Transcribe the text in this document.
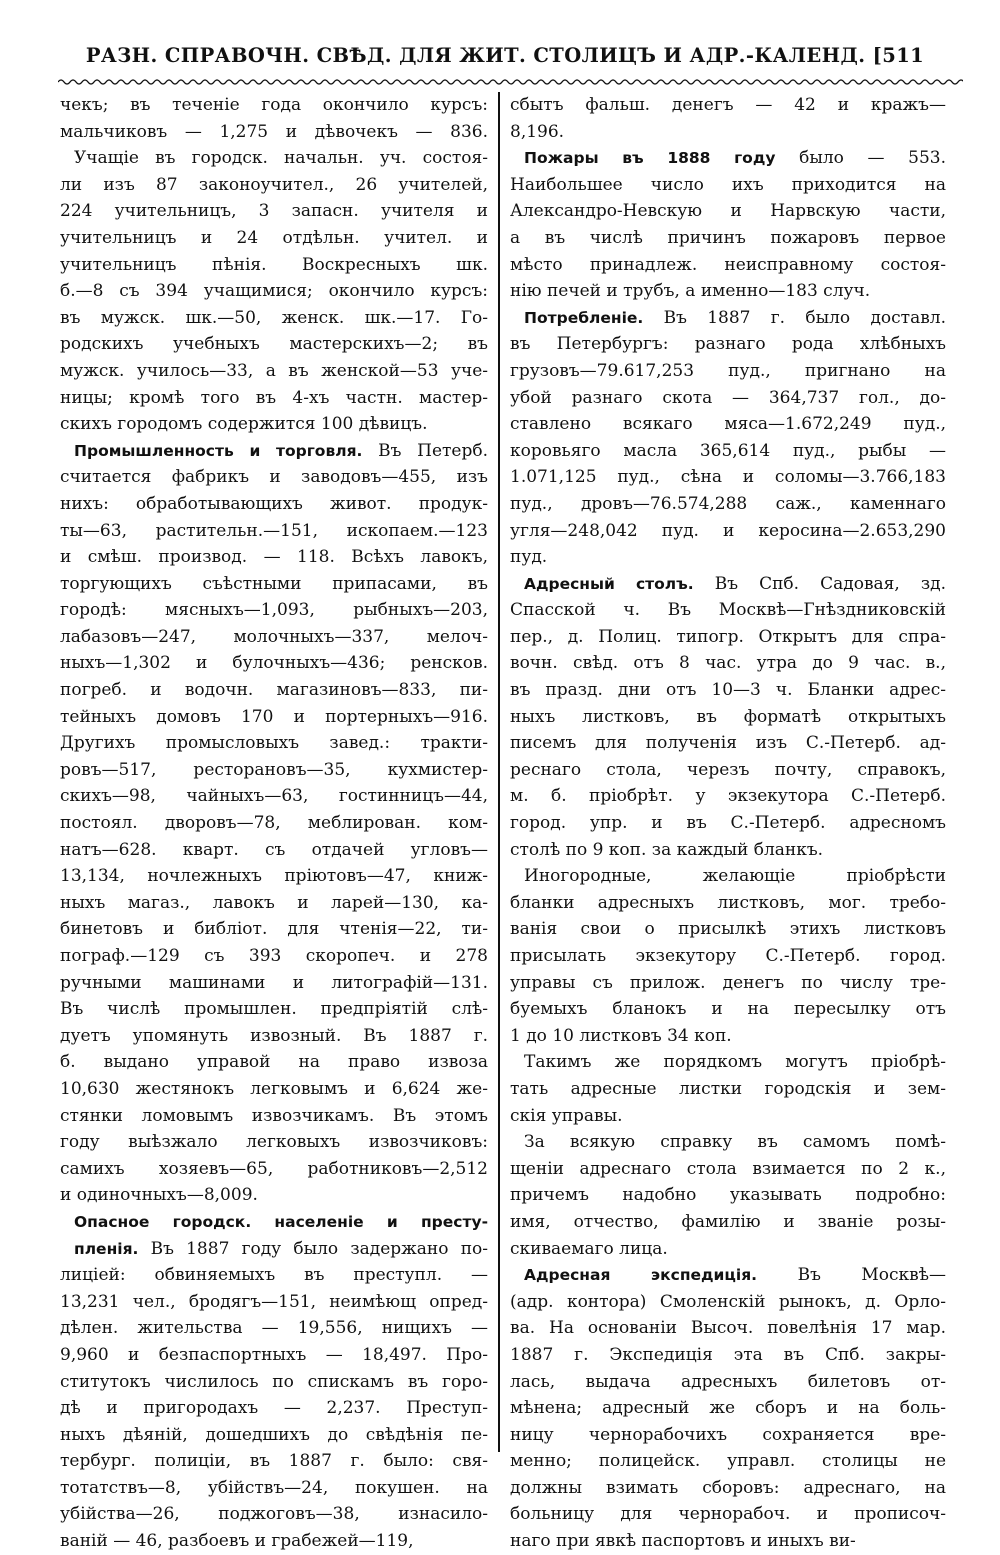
РАЗН. СПРАВОЧН. СВѢД. ДЛЯ ЖИТ. СТОЛИЦЪ И АДР.-КАЛЕНД. [511
чекъ; въ теченіе года окончило курсъ:
мальчиковъ — 1,275 и дѣвочекъ — 836.
Учащіе въ городск. начальн. уч. состоя-
ли изъ 87 законоучител., 26 учителей,
224 учительницъ, 3 запасн. учителя и
учительницъ и 24 отдѣльн. учител. и
учительницъ пѣнія. Воскресныхъ шк.
б.—8 съ 394 учащимися; окончило курсъ:
въ мужск. шк.—50, женск. шк.—17. Го-
родскихъ учебныхъ мастерскихъ—2; въ
мужск. училось—33, а въ женской—53 уче-
ницы; кромѣ того въ 4-хъ частн. мастер-
скихъ городомъ содержится 100 дѣвицъ.
Промышленность и торговля. Въ Петерб.
считается фабрикъ и заводовъ—455, изъ
нихъ: обработывающихъ живот. продук-
ты—63, растительн.—151, ископаем.—123
и смѣш. производ. — 118. Всѣхъ лавокъ,
торгующихъ съѣстными припасами, въ
городѣ: мясныхъ—1,093, рыбныхъ—203,
лабазовъ—247, молочныхъ—337, мелоч-
ныхъ—1,302 и булочныхъ—436; ренсков.
погреб. и водочн. магазиновъ—833, пи-
тейныхъ домовъ 170 и портерныхъ—916.
Другихъ промысловыхъ завед.: тракти-
ровъ—517, ресторановъ—35, кухмистер-
скихъ—98, чайныхъ—63, гостинницъ—44,
постоял. дворовъ—78, меблирован. ком-
натъ—628. кварт. съ отдачей угловъ—
13,134, ночлежныхъ пріютовъ—47, книж-
ныхъ магаз., лавокъ и ларей—130, ка-
бинетовъ и библіот. для чтенія—22, ти-
пограф.—129 съ 393 скоропеч. и 278
ручными машинами и литографій—131.
Въ числѣ промышлен. предпріятій слѣ-
дуетъ упомянуть извозный. Въ 1887 г.
б. выдано управой на право извоза
10,630 жестянокъ легковымъ и 6,624 же-
стянки ломовымъ извозчикамъ. Въ этомъ
году выѣзжало легковыхъ извозчиковъ:
самихъ хозяевъ—65, работниковъ—2,512
и одиночныхъ—8,009.
Опасное городск. населеніе и престу-
пленія. Въ 1887 году было задержано по-
лиціей: обвиняемыхъ въ преступл. —
13,231 чел., бродягъ—151, неимѣющ опред-
дѣлен. жительства — 19,556, нищихъ —
9,960 и безпаспортныхъ — 18,497. Про-
ститутокъ числилось по спискамъ въ горо-
дѣ и пригородахъ — 2,237. Преступ-
ныхъ дѣяній, дошедшихъ до свѣдѣнія пе-
тербург. полиціи, въ 1887 г. было: свя-
тотатствъ—8, убійствъ—24, покушен. на
убійства—26, поджоговъ—38, изнасило-
ваній — 46, разбоевъ и грабежей—119,
сбытъ фальш. денегъ — 42 и кражъ—
8,196.
Пожары въ 1888 году было — 553.
Наибольшее число ихъ приходится на
Александро-Невскую и Нарвскую части,
а въ числѣ причинъ пожаровъ первое
мѣсто принадлеж. неисправному состоя-
нію печей и трубъ, а именно—183 случ.
Потребленіе. Въ 1887 г. было доставл.
въ Петербургъ: разнаго рода хлѣбныхъ
грузовъ—79.617,253 пуд., пригнано на
убой разнаго скота — 364,737 гол., до-
ставлено всякаго мяса—1.672,249 пуд.,
коровьяго масла 365,614 пуд., рыбы —
1.071,125 пуд., сѣна и соломы—3.766,183
пуд., дровъ—76.574,288 саж., каменнаго
угля—248,042 пуд. и керосина—2.653,290
пуд.
Адресный столъ. Въ Спб. Садовая, зд.
Спасской ч. Въ Москвѣ—Гнѣздниковскій
пер., д. Полиц. типогр. Открытъ для спра-
вочн. свѣд. отъ 8 час. утра до 9 час. в.,
въ празд. дни отъ 10—3 ч. Бланки адрес-
ныхъ листковъ, въ форматѣ открытыхъ
писемъ для полученія изъ С.-Петерб. ад-
реснаго стола, черезъ почту, справокъ,
м. б. пріобрѣт. у экзекутора С.-Петерб.
город. упр. и въ С.-Петерб. адресномъ
столѣ по 9 коп. за каждый бланкъ.
Иногородные, желающіе пріобрѣсти
бланки адресныхъ листковъ, мог. требо-
ванія свои о присылкѣ этихъ листковъ
присылать экзекутору С.-Петерб. город.
управы съ прилож. денегъ по числу тре-
буемыхъ бланокъ и на пересылку отъ
1 до 10 листковъ 34 коп.
Такимъ же порядкомъ могутъ пріобрѣ-
тать адресные листки городскія и зем-
скія управы.
За всякую справку въ самомъ помѣ-
щеніи адреснаго стола взимается по 2 к.,
причемъ надобно указывать подробно:
имя, отчество, фамилію и званіе розы-
скиваемаго лица.
Адресная экспедиція. Въ Москвѣ—
(адр. контора) Смоленскій рынокъ, д. Орло-
ва. На основаніи Высоч. повелѣнія 17 мар.
1887 г. Экспедиція эта въ Спб. закры-
лась, выдача адресныхъ билетовъ от-
мѣнена; адресный же сборъ и на боль-
ницу чернорабочихъ сохраняется вре-
менно; полицейск. управл. столицы не
должны взимать сборовъ: адреснаго, на
больницу для чернорабоч. и прописоч-
наго при явкѣ паспортовъ и иныхъ ви-
